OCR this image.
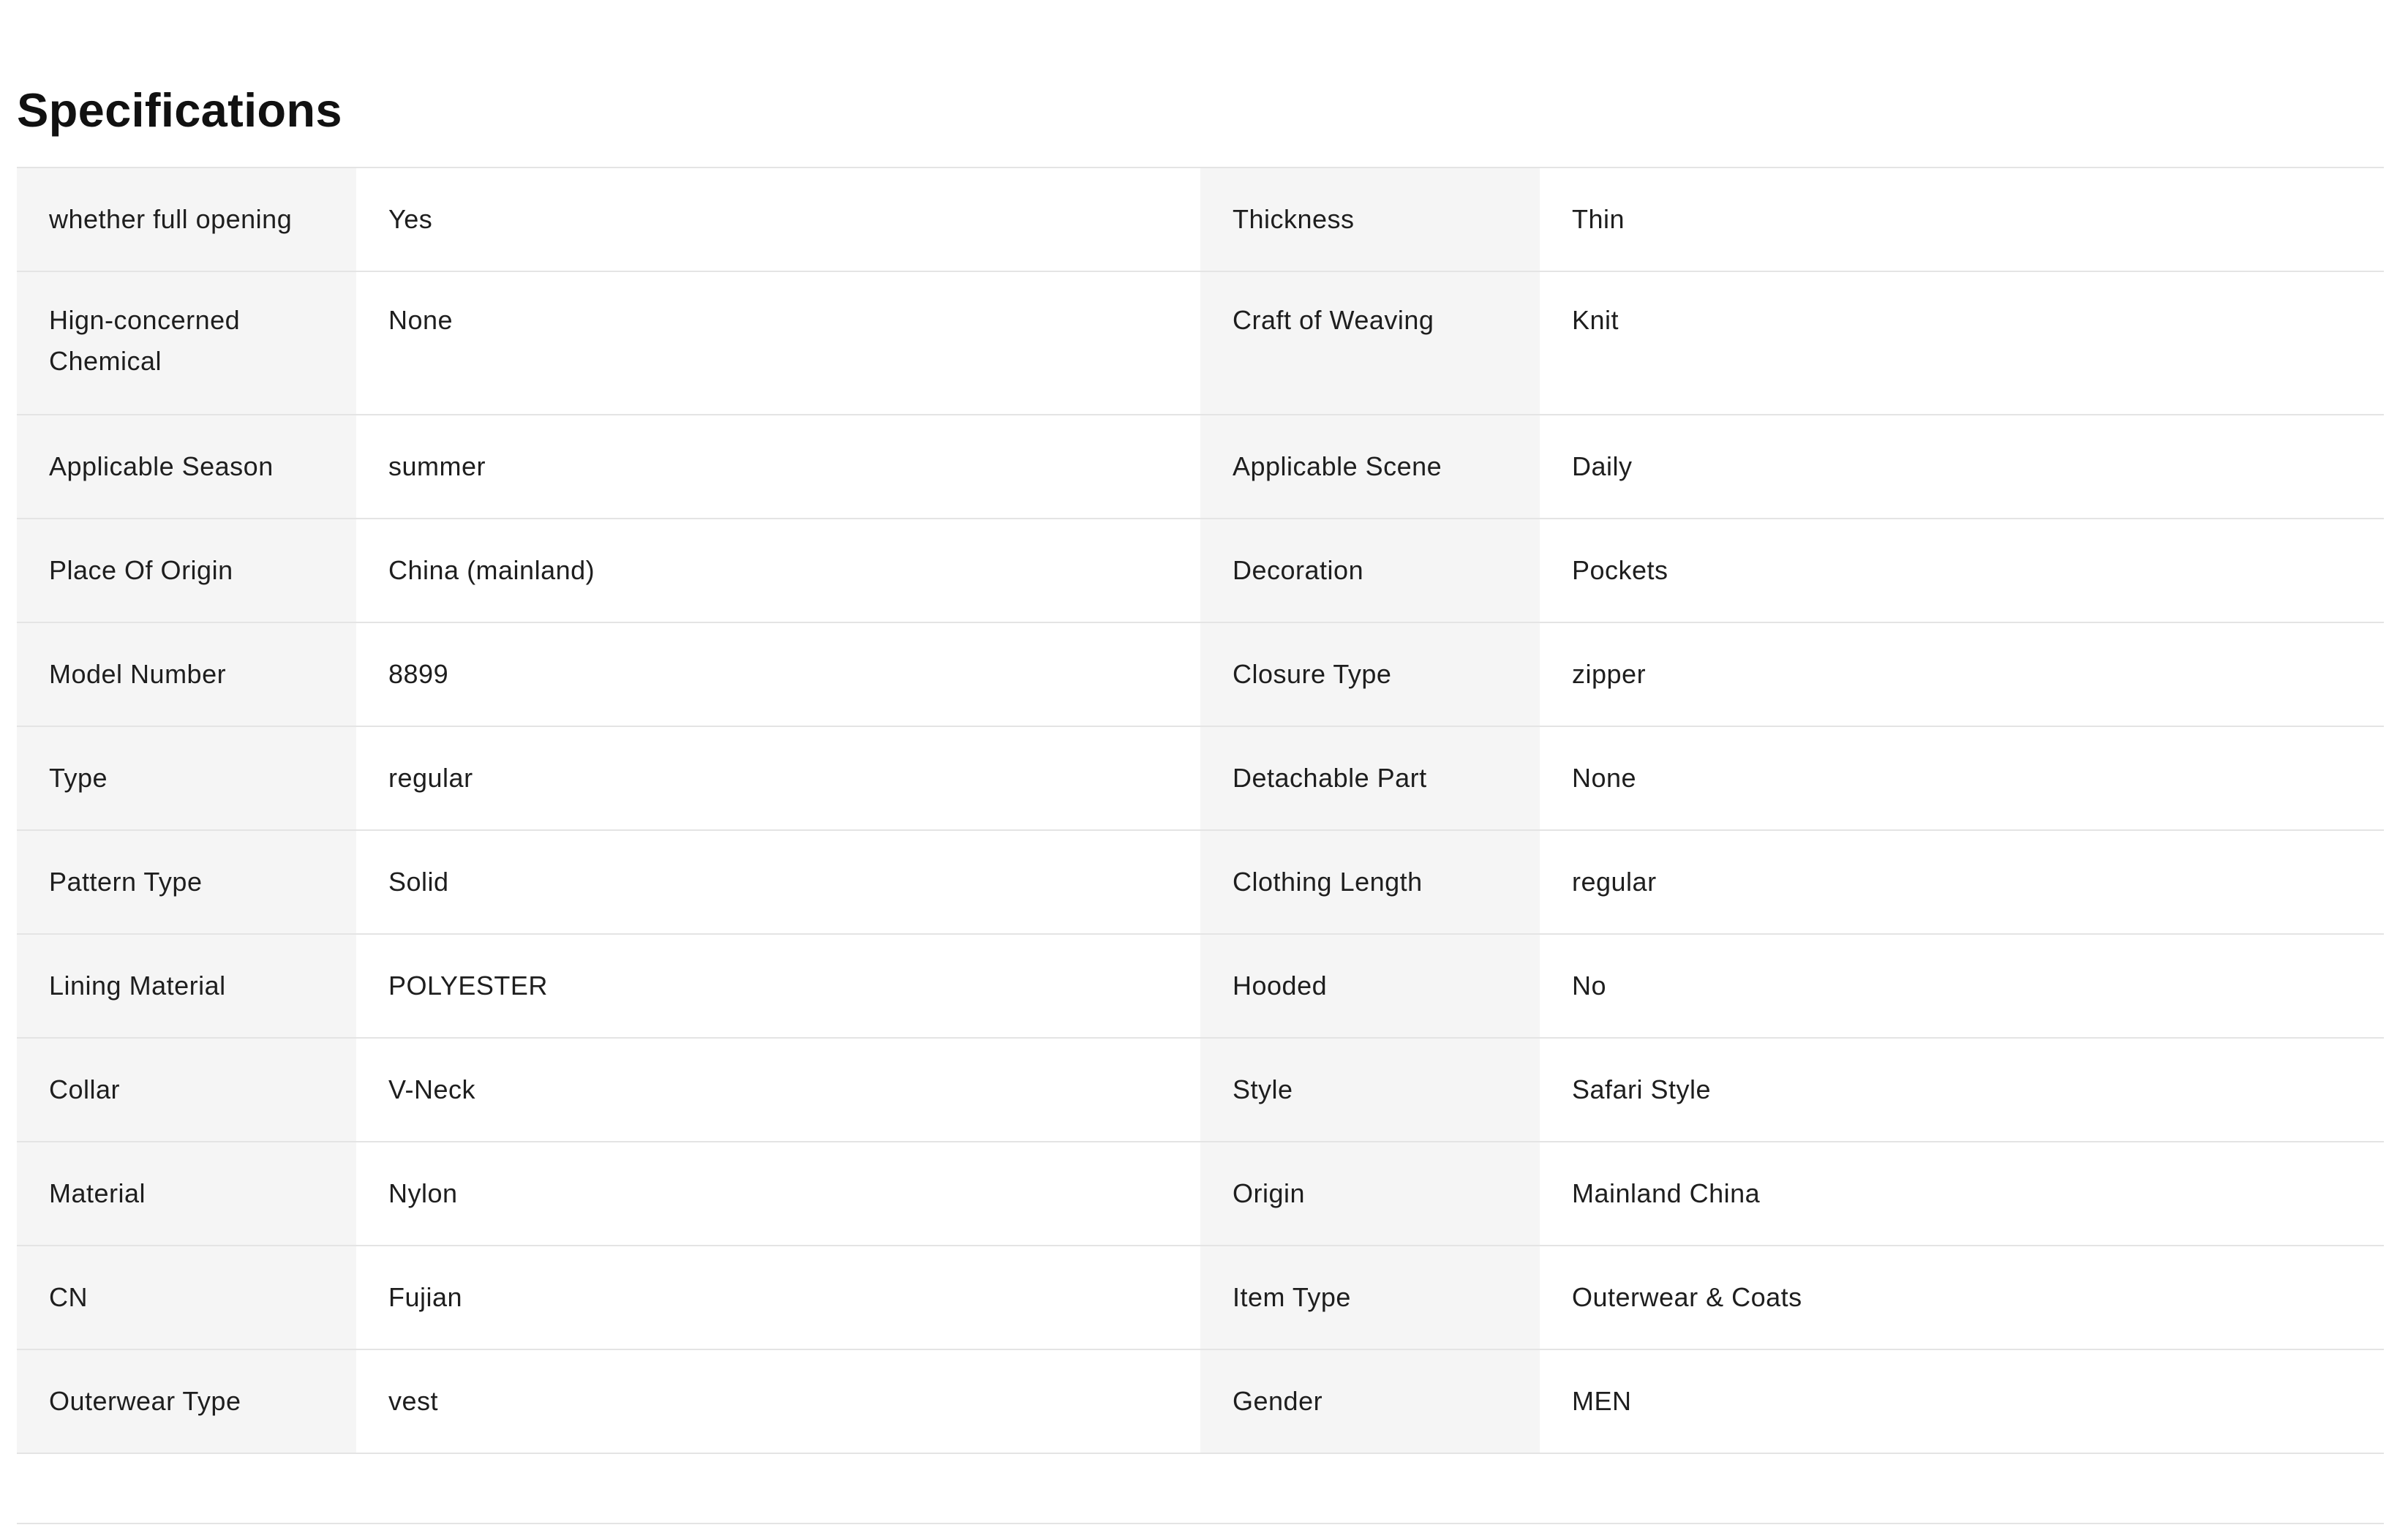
Specifications
whether full opening	Yes	Thickness	Thin
Hign-concerned Chemical	None	Craft of Weaving	Knit
Applicable Season	summer	Applicable Scene	Daily
Place Of Origin	China (mainland)	Decoration	Pockets
Model Number	8899	Closure Type	zipper
Type	regular	Detachable Part	None
Pattern Type	Solid	Clothing Length	regular
Lining Material	POLYESTER	Hooded	No
Collar	V-Neck	Style	Safari Style
Material	Nylon	Origin	Mainland China
CN	Fujian	Item Type	Outerwear & Coats
Outerwear Type	vest	Gender	MEN
